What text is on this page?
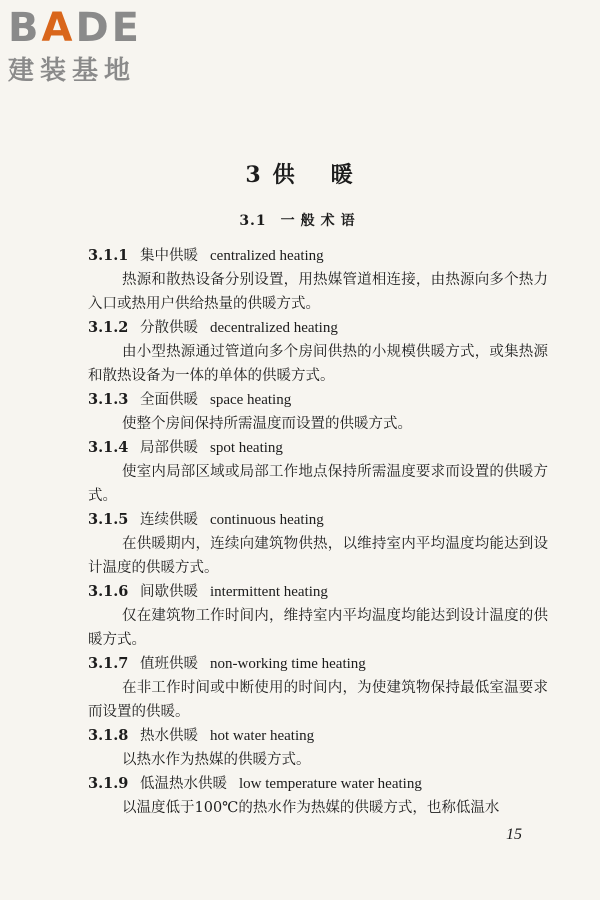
B A D E
建装基地
3 供 暖
3.1 一般术语
3.1.1 集中供暖 centralized heating

热源和散热设备分别设置，用热媒管道相连接，由热源向多个热力入口或热用户供给热量的供暖方式。

3.1.2 分散供暖 decentralized heating

由小型热源通过管道向多个房间供热的小规模供暖方式，或集热源和散热设备为一体的单体的供暖方式。

3.1.3 全面供暖 space heating

使整个房间保持所需温度而设置的供暖方式。

3.1.4 局部供暖 spot heating

使室内局部区域或局部工作地点保持所需温度要求而设置的供暖方式。

3.1.5 连续供暖 continuous heating

在供暖期内，连续向建筑物供热，以维持室内平均温度均能达到设计温度的供暖方式。

3.1.6 间歇供暖 intermittent heating

仅在建筑物工作时间内，维持室内平均温度均能达到设计温度的供暖方式。

3.1.7 值班供暖 non-working time heating

在非工作时间或中断使用的时间内，为使建筑物保持最低室温要求而设置的供暖。

3.1.8 热水供暖 hot water heating

以热水作为热媒的供暖方式。

3.1.9 低温热水供暖 low temperature water heating

以温度低于100℃的热水作为热媒的供暖方式，也称低温水

15
